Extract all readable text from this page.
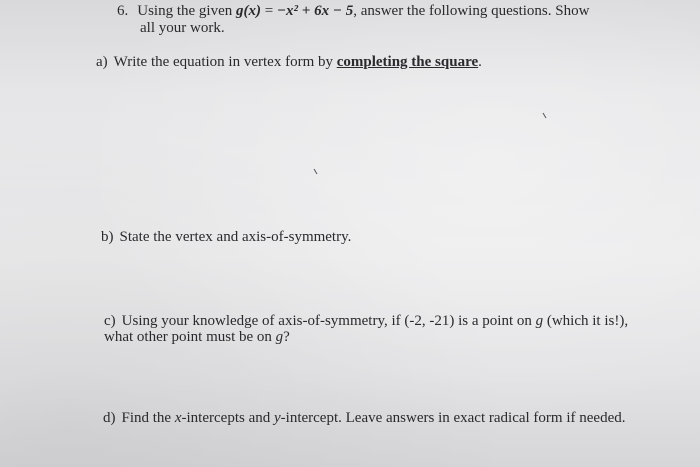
6. Using the given g(x) = −x² + 6x − 5, answer the following questions. Show
all your work.
a) Write the equation in vertex form by completing the square.
b) State the vertex and axis-of-symmetry.
c) Using your knowledge of axis-of-symmetry, if (-2, -21) is a point on g (which it is!),
what other point must be on g?
d) Find the x-intercepts and y-intercept. Leave answers in exact radical form if needed.
